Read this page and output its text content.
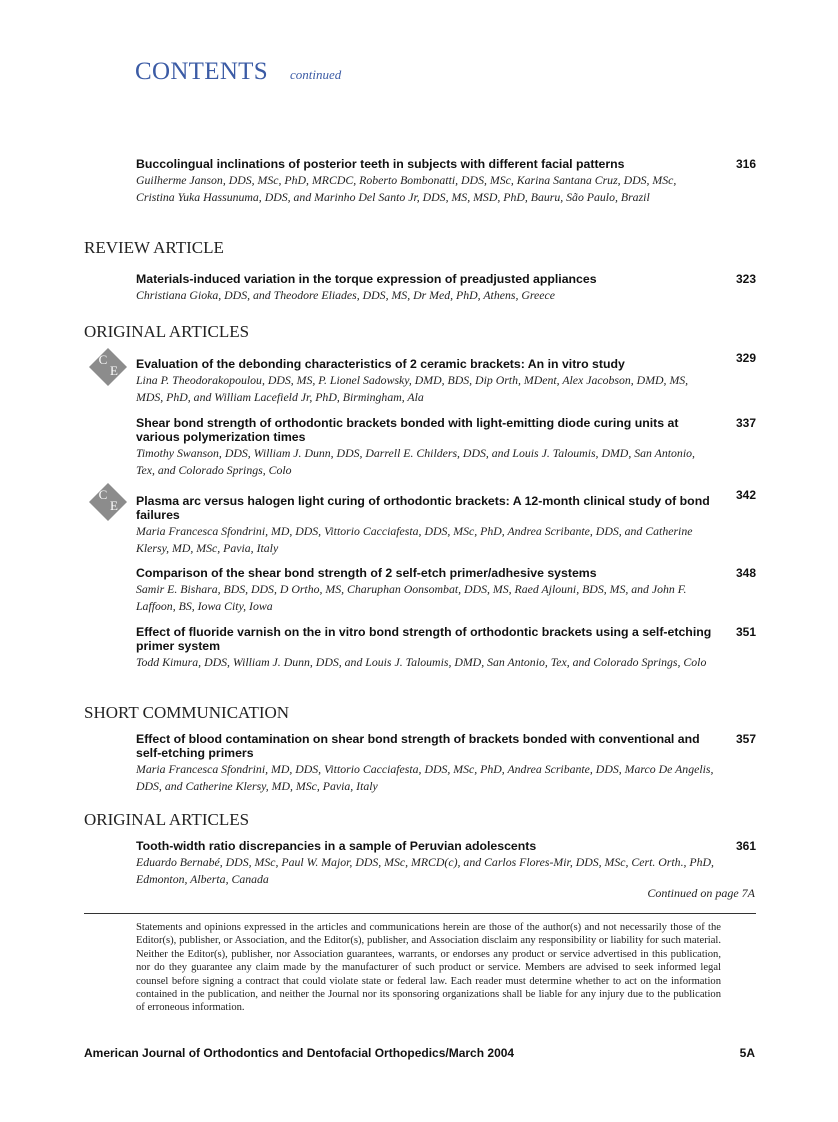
CONTENTS continued

Buccolingual inclinations of posterior teeth in subjects with different facial patterns

Guilherme Janson, DDS, MSc, PhD, MRCDC, Roberto Bombonatti, DDS, MSc, Karina Santana Cruz, DDS, MSc, Cristina Yuka Hassunuma, DDS, and Marinho Del Santo Jr, DDS, MS, MSD, PhD, Bauru, São Paulo, Brazil

316
REVIEW ARTICLE

Materials-induced variation in the torque expression of preadjusted appliances

Christiana Gioka, DDS, and Theodore Eliades, DDS, MS, Dr Med, PhD, Athens, Greece

323
ORIGINAL ARTICLES
C
E Evaluation of the debonding characteristics of 2 ceramic brackets: An in vitro study

Lina P. Theodorakopoulou, DDS, MS, P. Lionel Sadowsky, DMD, BDS, Dip Orth, MDent, Alex Jacobson, DMD, MS, MDS, PhD, and William Lacefield Jr, PhD, Birmingham, Ala

329

Shear bond strength of orthodontic brackets bonded with light-emitting diode curing units at various polymerization times

Timothy Swanson, DDS, William J. Dunn, DDS, Darrell E. Childers, DDS, and Louis J. Taloumis, DMD, San Antonio, Tex, and Colorado Springs, Colo

337
C
E Plasma arc versus halogen light curing of orthodontic brackets: A 12-month clinical study of bond failures

Maria Francesca Sfondrini, MD, DDS, Vittorio Cacciafesta, DDS, MSc, PhD, Andrea Scribante, DDS, and Catherine Klersy, MD, MSc, Pavia, Italy

342

Comparison of the shear bond strength of 2 self-etch primer/adhesive systems

Samir E. Bishara, BDS, DDS, D Ortho, MS, Charuphan Oonsombat, DDS, MS, Raed Ajlouni, BDS, MS, and John F. Laffoon, BS, Iowa City, Iowa

348

Effect of fluoride varnish on the in vitro bond strength of orthodontic brackets using a self-etching primer system

Todd Kimura, DDS, William J. Dunn, DDS, and Louis J. Taloumis, DMD, San Antonio, Tex, and Colorado Springs, Colo

351
SHORT COMMUNICATION

Effect of blood contamination on shear bond strength of brackets bonded with conventional and self-etching primers

Maria Francesca Sfondrini, MD, DDS, Vittorio Cacciafesta, DDS, MSc, PhD, Andrea Scribante, DDS, Marco De Angelis, DDS, and Catherine Klersy, MD, MSc, Pavia, Italy

357
ORIGINAL ARTICLES

Tooth-width ratio discrepancies in a sample of Peruvian adolescents

Eduardo Bernabé, DDS, MSc, Paul W. Major, DDS, MSc, MRCD(c), and Carlos Flores-Mir, DDS, MSc, Cert. Orth., PhD, Edmonton, Alberta, Canada

361
Continued on page 7A

Statements and opinions expressed in the articles and communications herein are those of the author(s) and not necessarily those of the Editor(s), publisher, or Association, and the Editor(s), publisher, and Association disclaim any responsibility or liability for such material. Neither the Editor(s), publisher, nor Association guarantees, warrants, or endorses any product or service advertised in this publication, nor do they guarantee any claim made by the manufacturer of such product or service. Members are advised to seek informed legal counsel before signing a contract that could violate state or federal law. Each reader must determine whether to act on the information contained in the publication, and neither the Journal nor its sponsoring organizations shall be liable for any injury due to the publication of erroneous information.

American Journal of Orthodontics and Dentofacial Orthopedics/March 2004	5A
